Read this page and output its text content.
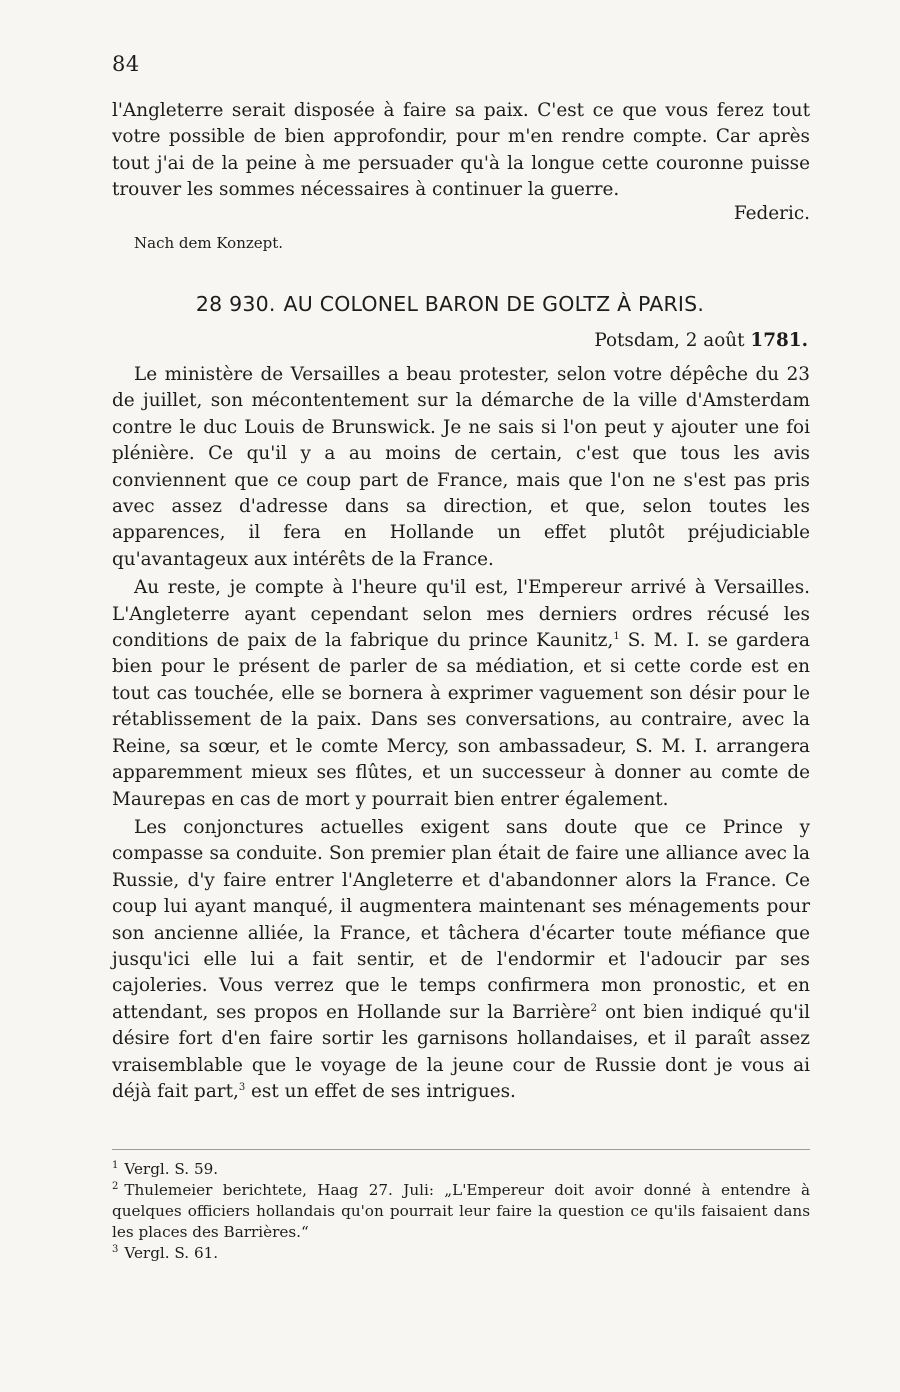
84

l'Angleterre serait disposée à faire sa paix. C'est ce que vous ferez tout votre possible de bien approfondir, pour m'en rendre compte. Car après tout j'ai de la peine à me persuader qu'à la longue cette couronne puisse trouver les sommes nécessaires à continuer la guerre.

Federic.
Nach dem Konzept.
28 930. AU COLONEL BARON DE GOLTZ À PARIS.
Potsdam, 2 août 1781.

Le ministère de Versailles a beau protester, selon votre dépêche du 23 de juillet, son mécontentement sur la démarche de la ville d'Amsterdam contre le duc Louis de Brunswick. Je ne sais si l'on peut y ajouter une foi plénière. Ce qu'il y a au moins de certain, c'est que tous les avis conviennent que ce coup part de France, mais que l'on ne s'est pas pris avec assez d'adresse dans sa direction, et que, selon toutes les apparences, il fera en Hollande un effet plutôt préjudiciable qu'avantageux aux intérêts de la France.

Au reste, je compte à l'heure qu'il est, l'Empereur arrivé à Versailles. L'Angleterre ayant cependant selon mes derniers ordres récusé les conditions de paix de la fabrique du prince Kaunitz,$^1$ S. M. I. se gardera bien pour le présent de parler de sa médiation, et si cette corde est en tout cas touchée, elle se bornera à exprimer vaguement son désir pour le rétablissement de la paix. Dans ses conversations, au contraire, avec la Reine, sa sœur, et le comte Mercy, son ambassadeur, S. M. I. arrangera apparemment mieux ses flûtes, et un successeur à donner au comte de Maurepas en cas de mort y pourrait bien entrer également.

Les conjonctures actuelles exigent sans doute que ce Prince y compasse sa conduite. Son premier plan était de faire une alliance avec la Russie, d'y faire entrer l'Angleterre et d'abandonner alors la France. Ce coup lui ayant manqué, il augmentera maintenant ses ménagements pour son ancienne alliée, la France, et tâchera d'écarter toute méfiance que jusqu'ici elle lui a fait sentir, et de l'endormir et l'adoucir par ses cajoleries. Vous verrez que le temps confirmera mon pronostic, et en attendant, ses propos en Hollande sur la Barrière$^2$ ont bien indiqué qu'il désire fort d'en faire sortir les garnisons hollandaises, et il paraît assez vraisemblable que le voyage de la jeune cour de Russie dont je vous ai déjà fait part,$^3$ est un effet de ses intrigues.

$^1$ Vergl. S. 59.

$^2$ Thulemeier berichtete, Haag 27. Juli: „L'Empereur doit avoir donné à entendre à quelques officiers hollandais qu'on pourrait leur faire la question ce qu'ils faisaient dans les places des Barrières.“

$^3$ Vergl. S. 61.
